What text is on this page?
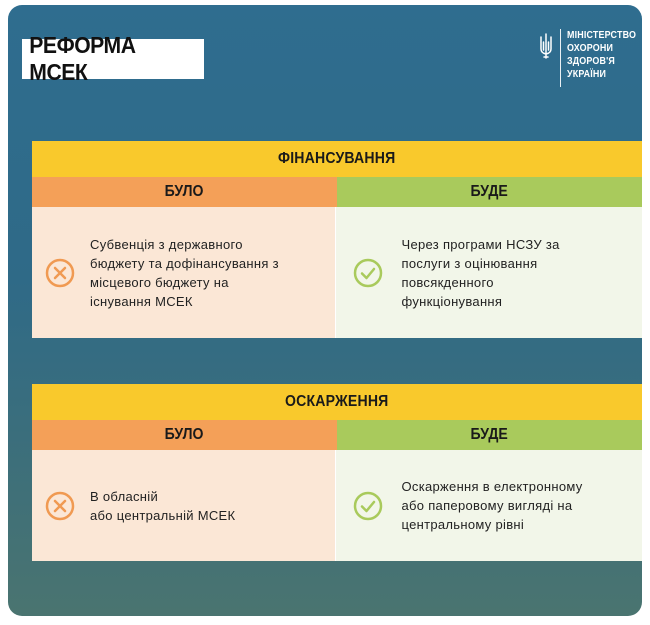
РЕФОРМА МСЕК
МІНІСТЕРСТВО
ОХОРОНИ
ЗДОРОВ'Я
УКРАЇНИ
ФІНАНСУВАННЯ
БУЛО	БУДЕ
Субвенція з державного
бюджету та дофінансування з
місцевого бюджету на
існування МСЕК
Через програми НСЗУ за
послуги з оцінювання
повсякденного
функціонування
ОСКАРЖЕННЯ
БУЛО	БУДЕ
В обласній
або центральній МСЕК
Оскарження в електронному
або паперовому вигляді на
центральному рівні
